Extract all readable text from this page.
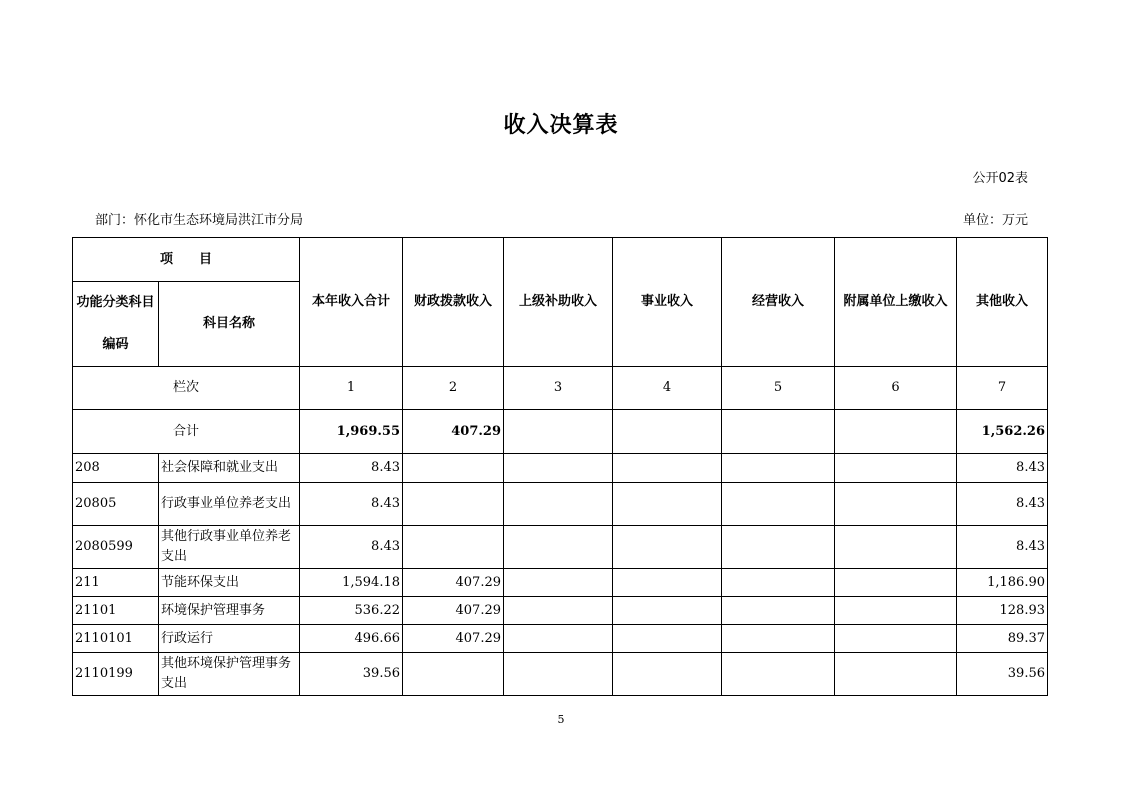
收入决算表
公开02表
部门：怀化市生态环境局洪江市分局	单位：万元
项　　目		本年收入合计	财政拨款收入	上级补助收入	事业收入	经营收入	附属单位上缴收入	其他收入
功能分类科目编码	科目名称							
栏次		1	2	3	4	5	6	7
合计		1,969.55	407.29					1,562.26
208	社会保障和就业支出	8.43						8.43
20805	行政事业单位养老支出	8.43						8.43
2080599	其他行政事业单位养老支出	8.43						8.43
211	节能环保支出	1,594.18	407.29					1,186.90
21101	环境保护管理事务	536.22	407.29					128.93
2110101	行政运行	496.66	407.29					89.37
2110199	其他环境保护管理事务支出	39.56						39.56
5
